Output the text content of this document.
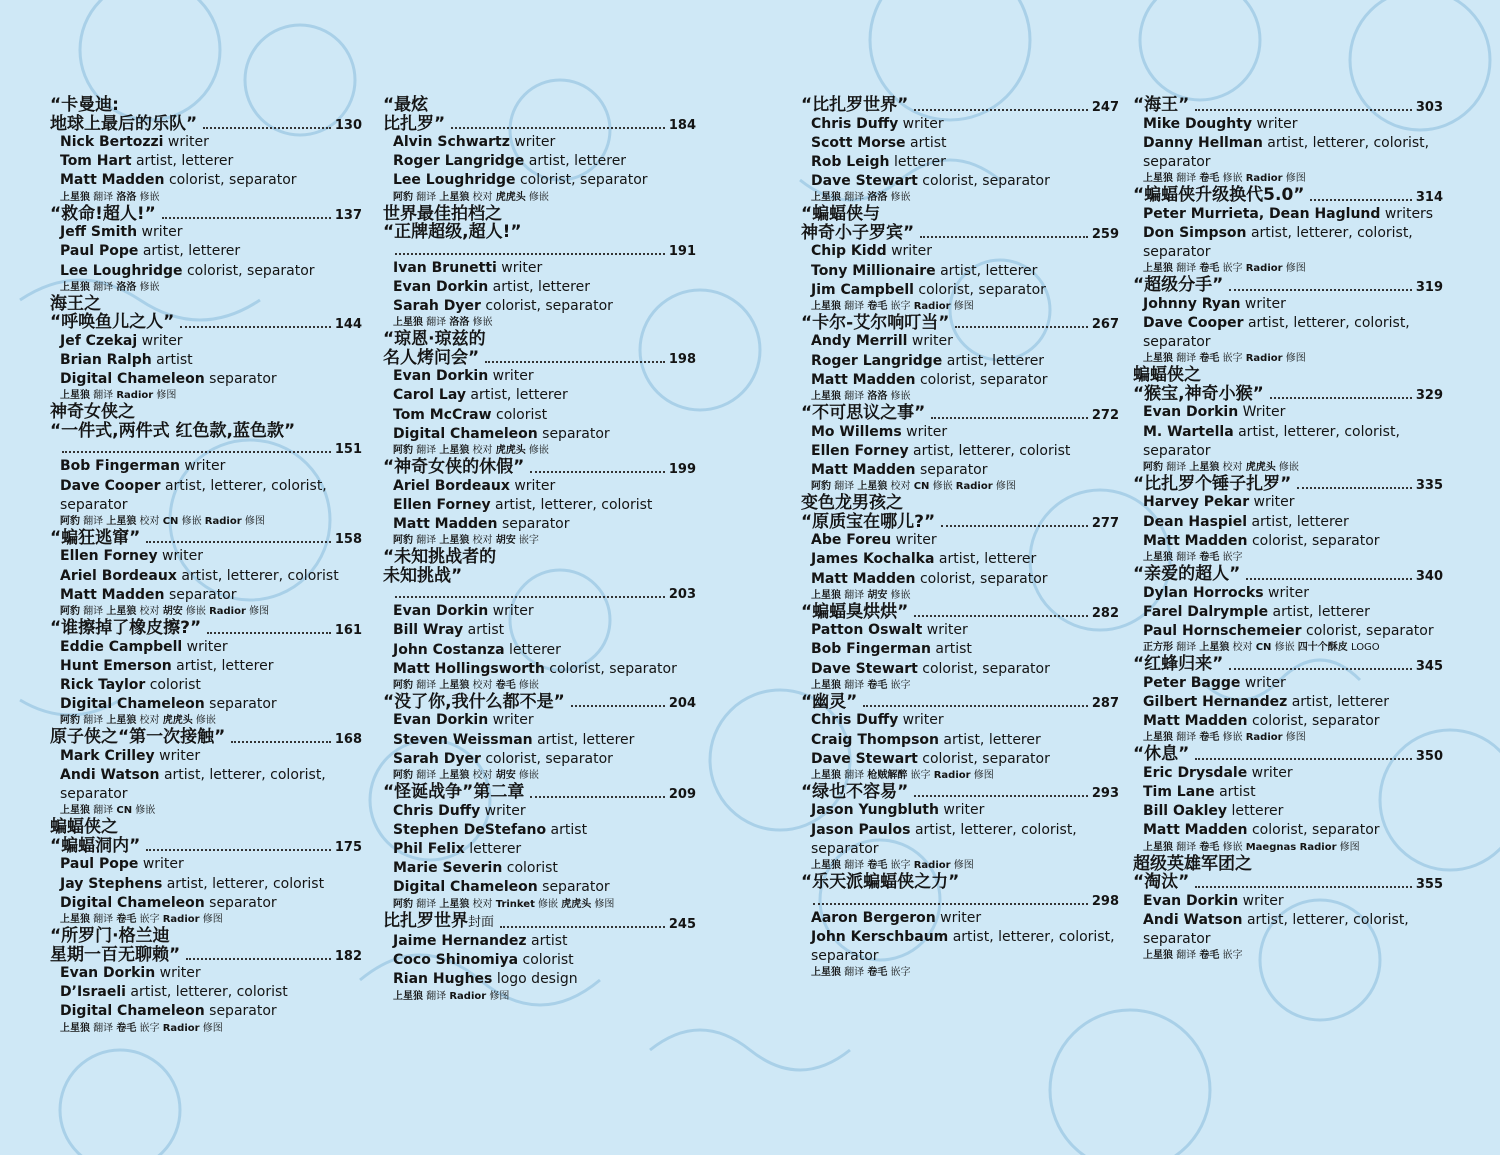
“卡曼迪:
地球上最后的乐队”	130
Nick Bertozzi writer
Tom Hart artist, letterer
Matt Madden colorist, separator
上星狼 翻译 洛洛 修嵌
“救命!超人!”	137
Jeff Smith writer
Paul Pope artist, letterer
Lee Loughridge colorist, separator
上星狼 翻译 洛洛 修嵌
海王之
“呼唤鱼儿之人”	144
Jef Czekaj writer
Brian Ralph artist
Digital Chameleon separator
上星狼 翻译 Radior 修图
神奇女侠之
“一件式,两件式 红色款,蓝色款”
151
Bob Fingerman writer
Dave Cooper artist, letterer, colorist,
separator
阿豹 翻译 上星狼 校对 CN 修嵌 Radior 修图
“蝙狂逃窜”	158
Ellen Forney writer
Ariel Bordeaux artist, letterer, colorist
Matt Madden separator
阿豹 翻译 上星狼 校对 胡安 修嵌 Radior 修图
“谁擦掉了橡皮擦?”	161
Eddie Campbell writer
Hunt Emerson artist, letterer
Rick Taylor colorist
Digital Chameleon separator
阿豹 翻译 上星狼 校对 虎虎头 修嵌
原子侠之“第一次接触”	168
Mark Crilley writer
Andi Watson artist, letterer, colorist,
separator
上星狼 翻译 CN 修嵌
蝙蝠侠之
“蝙蝠洞内”	175
Paul Pope writer
Jay Stephens artist, letterer, colorist
Digital Chameleon separator
上星狼 翻译 卷毛 嵌字 Radior 修图
“所罗门·格兰迪
星期一百无聊赖”	182
Evan Dorkin writer
D’Israeli artist, letterer, colorist
Digital Chameleon separator
上星狼 翻译 卷毛 嵌字 Radior 修图
“最炫
比扎罗”	184
Alvin Schwartz writer
Roger Langridge artist, letterer
Lee Loughridge colorist, separator
阿豹 翻译 上星狼 校对 虎虎头 修嵌
世界最佳拍档之
“正牌超级,超人!”
191
Ivan Brunetti writer
Evan Dorkin artist, letterer
Sarah Dyer colorist, separator
上星狼 翻译 洛洛 修嵌
“琼恩·琼兹的
名人烤问会”	198
Evan Dorkin writer
Carol Lay artist, letterer
Tom McCraw colorist
Digital Chameleon separator
阿豹 翻译 上星狼 校对 虎虎头 修嵌
“神奇女侠的休假”	199
Ariel Bordeaux writer
Ellen Forney artist, letterer, colorist
Matt Madden separator
阿豹 翻译 上星狼 校对 胡安 嵌字
“未知挑战者的
未知挑战”
203
Evan Dorkin writer
Bill Wray artist
John Costanza letterer
Matt Hollingsworth colorist, separator
阿豹 翻译 上星狼 校对 卷毛 修嵌
“没了你,我什么都不是”	204
Evan Dorkin writer
Steven Weissman artist, letterer
Sarah Dyer colorist, separator
阿豹 翻译 上星狼 校对 胡安 修嵌
“怪诞战争”第二章	209
Chris Duffy writer
Stephen DeStefano artist
Phil Felix letterer
Marie Severin colorist
Digital Chameleon separator
阿豹 翻译 上星狼 校对 Trinket 修嵌 虎虎头 修图
比扎罗世界封面	245
Jaime Hernandez artist
Coco Shinomiya colorist
Rian Hughes logo design
上星狼 翻译 Radior 修图
“比扎罗世界”	247
Chris Duffy writer
Scott Morse artist
Rob Leigh letterer
Dave Stewart colorist, separator
上星狼 翻译 洛洛 修嵌
“蝙蝠侠与
神奇小子罗宾”	259
Chip Kidd writer
Tony Millionaire artist, letterer
Jim Campbell colorist, separator
上星狼 翻译 卷毛 嵌字 Radior 修图
“卡尔-艾尔响叮当”	267
Andy Merrill writer
Roger Langridge artist, letterer
Matt Madden colorist, separator
上星狼 翻译 洛洛 修嵌
“不可思议之事”	272
Mo Willems writer
Ellen Forney artist, letterer, colorist
Matt Madden separator
阿豹 翻译 上星狼 校对 CN 修嵌 Radior 修图
变色龙男孩之
“原质宝在哪儿?”	277
Abe Foreu writer
James Kochalka artist, letterer
Matt Madden colorist, separator
上星狼 翻译 胡安 修嵌
“蝙蝠臭烘烘”	282
Patton Oswalt writer
Bob Fingerman artist
Dave Stewart colorist, separator
上星狼 翻译 卷毛 嵌字
“幽灵”	287
Chris Duffy writer
Craig Thompson artist, letterer
Dave Stewart colorist, separator
上星狼 翻译 枪贼解醉 嵌字 Radior 修图
“绿也不容易”	293
Jason Yungbluth writer
Jason Paulos artist, letterer, colorist,
separator
上星狼 翻译 卷毛 嵌字 Radior 修图
“乐天派蝙蝠侠之力”
298
Aaron Bergeron writer
John Kerschbaum artist, letterer, colorist,
separator
上星狼 翻译 卷毛 嵌字
“海王”	303
Mike Doughty writer
Danny Hellman artist, letterer, colorist,
separator
上星狼 翻译 卷毛 修嵌 Radior 修图
“蝙蝠侠升级换代5.0”	314
Peter Murrieta, Dean Haglund writers
Don Simpson artist, letterer, colorist,
separator
上星狼 翻译 卷毛 嵌字 Radior 修图
“超级分手”	319
Johnny Ryan writer
Dave Cooper artist, letterer, colorist,
separator
上星狼 翻译 卷毛 嵌字 Radior 修图
蝙蝠侠之
“猴宝,神奇小猴”	329
Evan Dorkin Writer
M. Wartella artist, letterer, colorist,
separator
阿豹 翻译 上星狼 校对 虎虎头 修嵌
“比扎罗个锤子扎罗”	335
Harvey Pekar writer
Dean Haspiel artist, letterer
Matt Madden colorist, separator
上星狼 翻译 卷毛 嵌字
“亲爱的超人”	340
Dylan Horrocks writer
Farel Dalrymple artist, letterer
Paul Hornschemeier colorist, separator
正方形 翻译 上星狼 校对 CN 修嵌 四十个酥皮 LOGO
“红蜂归来”	345
Peter Bagge writer
Gilbert Hernandez artist, letterer
Matt Madden colorist, separator
上星狼 翻译 卷毛 修嵌 Radior 修图
“休息”	350
Eric Drysdale writer
Tim Lane artist
Bill Oakley letterer
Matt Madden colorist, separator
上星狼 翻译 卷毛 修嵌 Maegnas Radior 修图
超级英雄军团之
“淘汰”	355
Evan Dorkin writer
Andi Watson artist, letterer, colorist,
separator
上星狼 翻译 卷毛 嵌字
